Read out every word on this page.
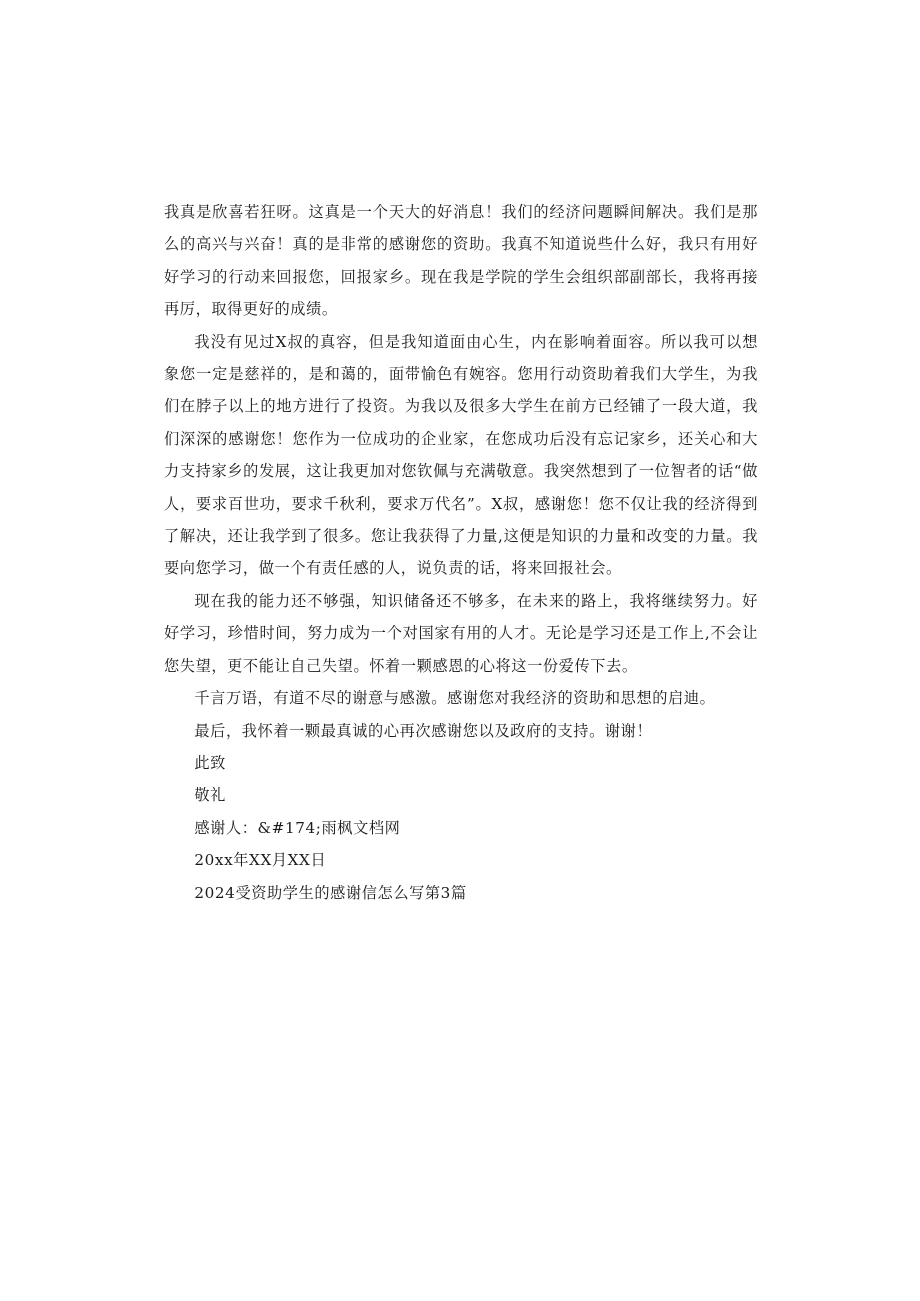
我真是欣喜若狂呀。这真是一个天大的好消息！我们的经济问题瞬间解决。我们是那么的高兴与兴奋！真的是非常的感谢您的资助。我真不知道说些什么好，我只有用好好学习的行动来回报您，回报家乡。现在我是学院的学生会组织部副部长，我将再接再厉，取得更好的成绩。

我没有见过X叔的真容，但是我知道面由心生，内在影响着面容。所以我可以想象您一定是慈祥的，是和蔼的，面带愉色有婉容。您用行动资助着我们大学生，为我们在脖子以上的地方进行了投资。为我以及很多大学生在前方已经铺了一段大道，我们深深的感谢您！您作为一位成功的企业家，在您成功后没有忘记家乡，还关心和大力支持家乡的发展，这让我更加对您钦佩与充满敬意。我突然想到了一位智者的话“做人，要求百世功，要求千秋利，要求万代名”。X叔，感谢您！您不仅让我的经济得到了解决，还让我学到了很多。您让我获得了力量,这便是知识的力量和改变的力量。我要向您学习，做一个有责任感的人，说负责的话，将来回报社会。

现在我的能力还不够强，知识储备还不够多，在未来的路上，我将继续努力。好好学习，珍惜时间，努力成为一个对国家有用的人才。无论是学习还是工作上,不会让您失望，更不能让自己失望。怀着一颗感恩的心将这一份爱传下去。

千言万语，有道不尽的谢意与感激。感谢您对我经济的资助和思想的启迪。

最后，我怀着一颗最真诚的心再次感谢您以及政府的支持。谢谢！

此致

敬礼

感谢人：&#174;雨枫文档网

20xx年XX月XX日

2024受资助学生的感谢信怎么写第3篇
